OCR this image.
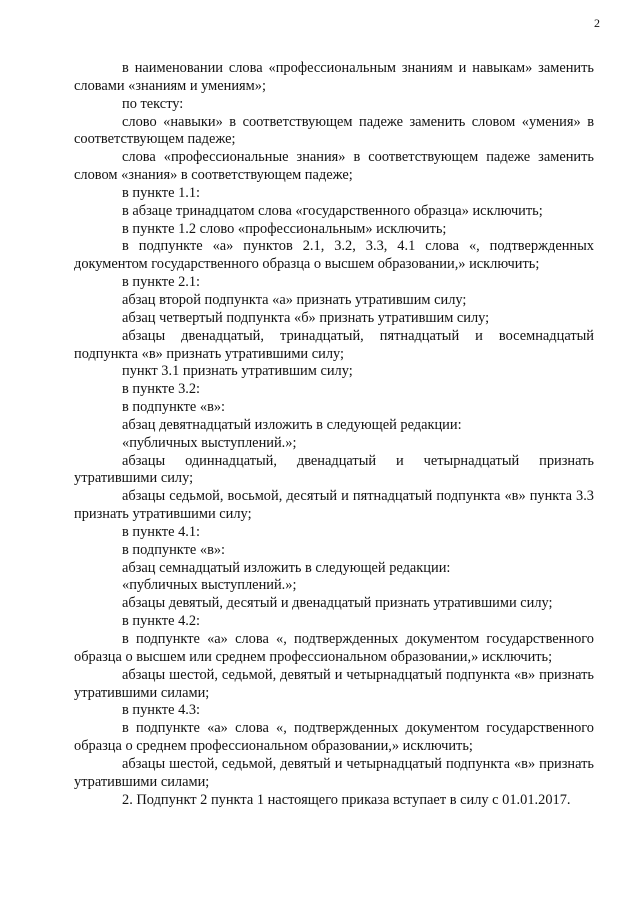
2

в наименовании слова «профессиональным знаниям и навыкам» заменить словами «знаниям и умениям»;

по тексту:

слово «навыки» в соответствующем падеже заменить словом «умения» в соответствующем падеже;

слова «профессиональные знания» в соответствующем падеже заменить словом «знания» в соответствующем падеже;

в пункте 1.1:

в абзаце тринадцатом слова «государственного образца» исключить;

в пункте 1.2 слово «профессиональным» исключить;

в подпункте «а» пунктов 2.1, 3.2, 3.3, 4.1 слова «, подтвержденных документом государственного образца о высшем образовании,» исключить;

в пункте 2.1:

абзац второй подпункта «а» признать утратившим силу;

абзац четвертый подпункта «б» признать утратившим силу;

абзацы двенадцатый, тринадцатый, пятнадцатый и восемнадцатый подпункта «в» признать утратившими силу;

пункт 3.1 признать утратившим силу;

в пункте 3.2:

в подпункте «в»:

абзац девятнадцатый изложить в следующей редакции:

«публичных выступлений.»;

абзацы одиннадцатый, двенадцатый и четырнадцатый признать утратившими силу;

абзацы седьмой, восьмой, десятый и пятнадцатый подпункта «в» пункта 3.3 признать утратившими силу;

в пункте 4.1:

в подпункте «в»:

абзац семнадцатый изложить в следующей редакции:

«публичных выступлений.»;

абзацы девятый, десятый и двенадцатый признать утратившими силу;

в пункте 4.2:

в подпункте «а» слова «, подтвержденных документом государственного образца о высшем или среднем профессиональном образовании,» исключить;

абзацы шестой, седьмой, девятый и четырнадцатый подпункта «в» признать утратившими силами;

в пункте 4.3:

в подпункте «а» слова «, подтвержденных документом государственного образца о среднем профессиональном образовании,» исключить;

абзацы шестой, седьмой, девятый и четырнадцатый подпункта «в» признать утратившими силами;

2. Подпункт 2 пункта 1 настоящего приказа вступает в силу с 01.01.2017.
